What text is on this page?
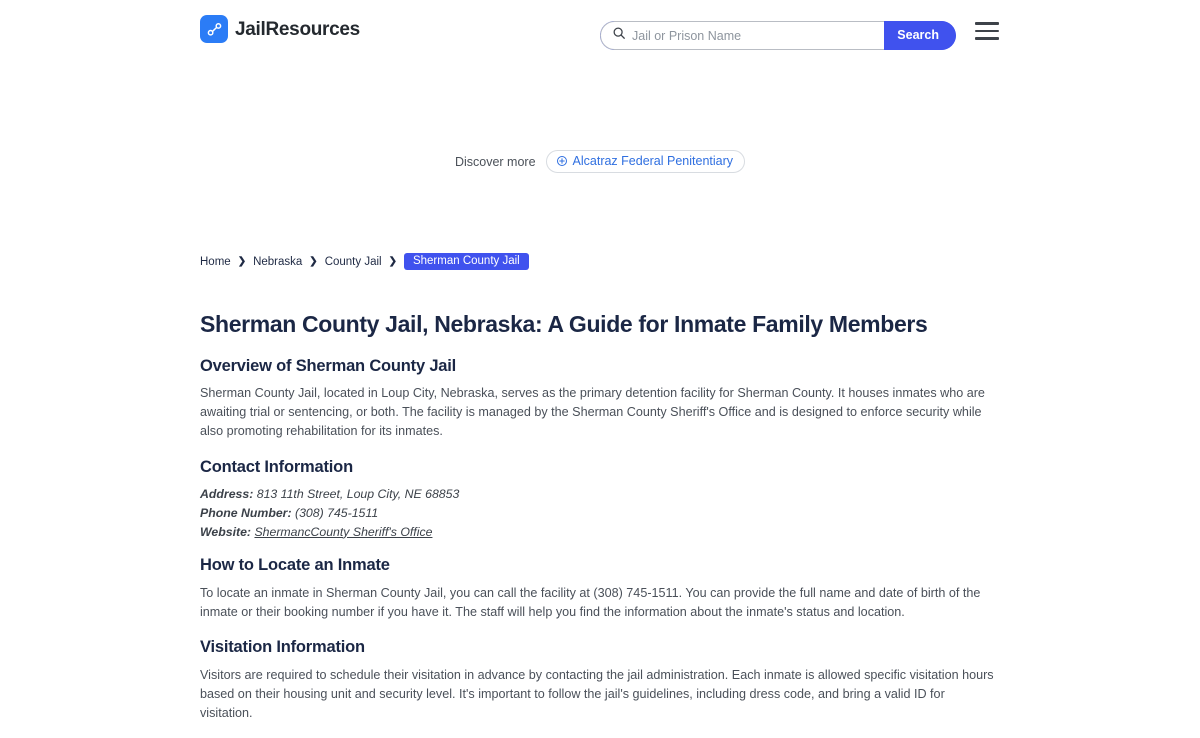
JailResources
Jail or Prison Name	Search
Discover more	Alcatraz Federal Penitentiary
Home ❯ Nebraska ❯ County Jail ❯	Sherman County Jail
Sherman County Jail, Nebraska: A Guide for Inmate Family Members
Overview of Sherman County Jail

Sherman County Jail, located in Loup City, Nebraska, serves as the primary detention facility for Sherman County. It houses inmates who are awaiting trial or sentencing, or both. The facility is managed by the Sherman County Sheriff's Office and is designed to enforce security while also promoting rehabilitation for its inmates.

Contact Information
Address: 813 11th Street, Loup City, NE 68853
Phone Number: (308) 745-1511
Website: ShermancCounty Sheriff's Office
How to Locate an Inmate

To locate an inmate in Sherman County Jail, you can call the facility at (308) 745-1511. You can provide the full name and date of birth of the inmate or their booking number if you have it. The staff will help you find the information about the inmate's status and location.

Visitation Information

Visitors are required to schedule their visitation in advance by contacting the jail administration. Each inmate is allowed specific visitation hours based on their housing unit and security level. It's important to follow the jail's guidelines, including dress code, and bring a valid ID for visitation.
